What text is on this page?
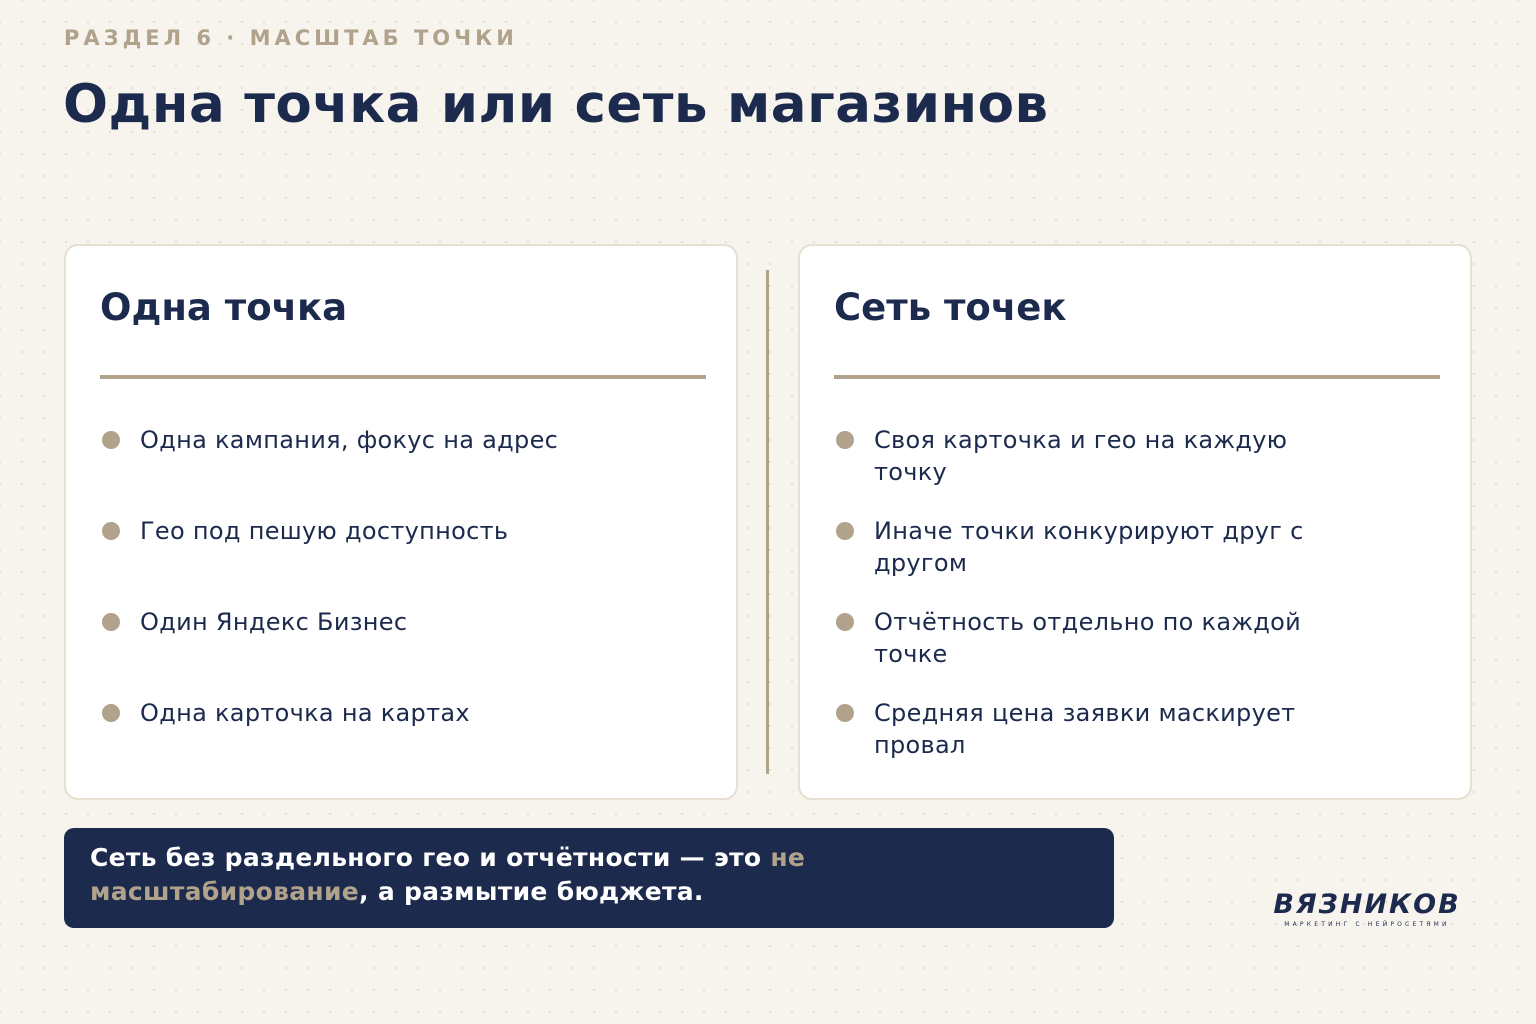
РАЗДЕЛ 6 · МАСШТАБ ТОЧКИ
Одна точка или сеть магазинов
Одна точка
Одна кампания, фокус на адрес
Гео под пешую доступность
Один Яндекс Бизнес
Одна карточка на картах
Сеть точек
Своя карточка и гео на каждую точку
Иначе точки конкурируют друг с другом
Отчётность отдельно по каждой точке
Средняя цена заявки маскирует провал
Сеть без раздельного гео и отчётности — это не масштабирование, а размытие бюджета.	ВЯЗНИКОВ
МАРКЕТИНГ С НЕЙРОСЕТЯМИ
